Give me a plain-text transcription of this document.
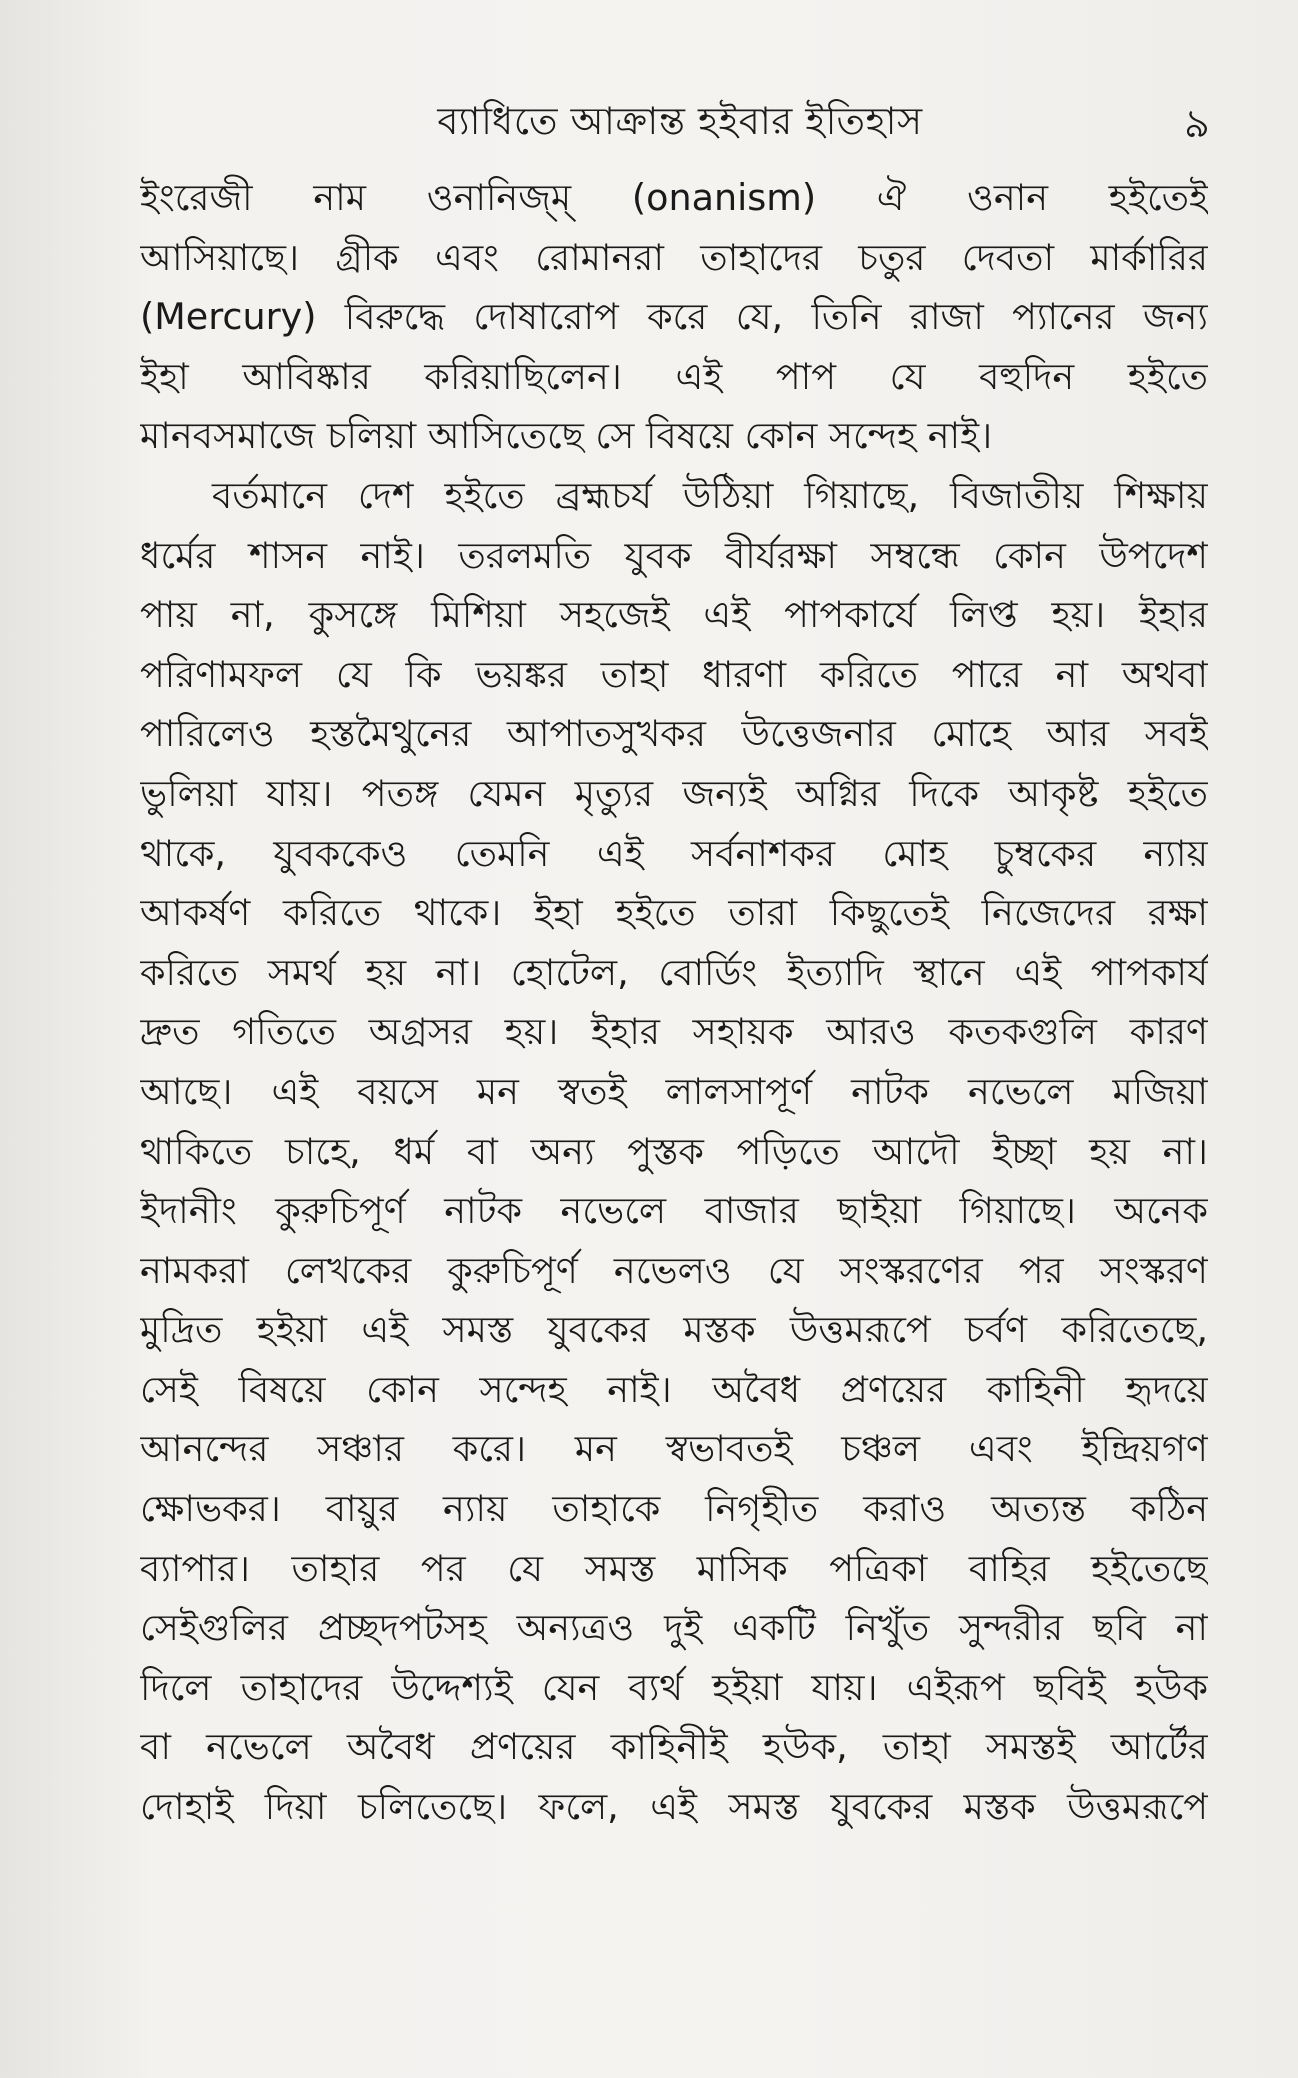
ব্যাধিতে আক্রান্ত হইবার ইতিহাস	৯
ইংরেজী নাম ওনানিজ্‌ম্ (onanism) ঐ ওনান হইতেই
আসিয়াছে। গ্রীক এবং রোমানরা তাহাদের চতুর দেবতা মার্কারির
(Mercury) বিরুদ্ধে দোষারোপ করে যে, তিনি রাজা প্যানের জন্য
ইহা আবিষ্কার করিয়াছিলেন। এই পাপ যে বহুদিন হইতে
মানবসমাজে চলিয়া আসিতেছে সে বিষয়ে কোন সন্দেহ নাই।
বর্তমানে দেশ হইতে ব্রহ্মচর্য উঠিয়া গিয়াছে, বিজাতীয় শিক্ষায়
ধর্মের শাসন নাই। তরলমতি যুবক বীর্যরক্ষা সম্বন্ধে কোন উপদেশ
পায় না, কুসঙ্গে মিশিয়া সহজেই এই পাপকার্যে লিপ্ত হয়। ইহার
পরিণামফল যে কি ভয়ঙ্কর তাহা ধারণা করিতে পারে না অথবা
পারিলেও হস্তমৈথুনের আপাতসুখকর উত্তেজনার মোহে আর সবই
ভুলিয়া যায়। পতঙ্গ যেমন মৃত্যুর জন্যই অগ্নির দিকে আকৃষ্ট হইতে
থাকে, যুবককেও তেমনি এই সর্বনাশকর মোহ চুম্বকের ন্যায়
আকর্ষণ করিতে থাকে। ইহা হইতে তারা কিছুতেই নিজেদের রক্ষা
করিতে সমর্থ হয় না। হোটেল, বোর্ডিং ইত্যাদি স্থানে এই পাপকার্য
দ্রুত গতিতে অগ্রসর হয়। ইহার সহায়ক আরও কতকগুলি কারণ
আছে। এই বয়সে মন স্বতই লালসাপূর্ণ নাটক নভেলে মজিয়া
থাকিতে চাহে, ধর্ম বা অন্য পুস্তক পড়িতে আদৌ ইচ্ছা হয় না।
ইদানীং কুরুচিপূর্ণ নাটক নভেলে বাজার ছাইয়া গিয়াছে। অনেক
নামকরা লেখকের কুরুচিপূর্ণ নভেলও যে সংস্করণের পর সংস্করণ
মুদ্রিত হইয়া এই সমস্ত যুবকের মস্তক উত্তমরূপে চর্বণ করিতেছে,
সেই বিষয়ে কোন সন্দেহ নাই। অবৈধ প্রণয়ের কাহিনী হৃদয়ে
আনন্দের সঞ্চার করে। মন স্বভাবতই চঞ্চল এবং ইন্দ্রিয়গণ
ক্ষোভকর। বায়ুর ন্যায় তাহাকে নিগৃহীত করাও অত্যন্ত কঠিন
ব্যাপার। তাহার পর যে সমস্ত মাসিক পত্রিকা বাহির হইতেছে
সেইগুলির প্রচ্ছদপটসহ অন্যত্রও দুই একটি নিখুঁত সুন্দরীর ছবি না
দিলে তাহাদের উদ্দেশ্যই যেন ব্যর্থ হইয়া যায়। এইরূপ ছবিই হউক
বা নভেলে অবৈধ প্রণয়ের কাহিনীই হউক, তাহা সমস্তই আর্টের
দোহাই দিয়া চলিতেছে। ফলে, এই সমস্ত যুবকের মস্তক উত্তমরূপে
